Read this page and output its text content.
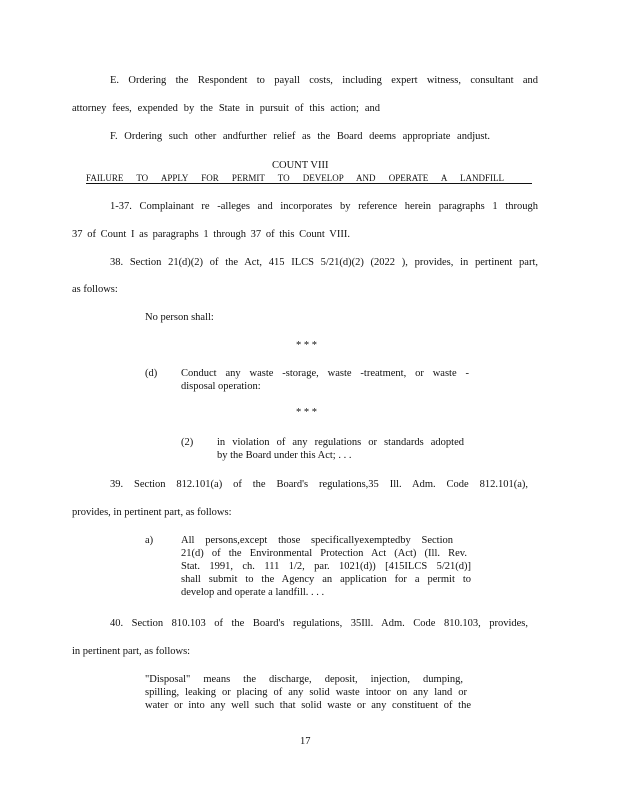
E. Ordering the Respondent to payall costs, including expert witness, consultant and
attorney fees, expended by the State in pursuit of this action; and
F. Ordering such other andfurther relief as the Board deems appropriate andjust.
COUNT VIII
FAILURE TO APPLY FOR PERMIT TO DEVELOP AND OPERATE A LANDFILL
1-37. Complainant re -alleges and incorporates by reference herein paragraphs 1 through
37 of Count I as paragraphs 1 through 37 of this Count VIII.
38. Section 21(d)(2) of the Act, 415 ILCS 5/21(d)(2) (2022 ), provides, in pertinent part,
as follows:
No person shall:
* * *
(d) Conduct any waste -storage, waste -treatment, or waste -
disposal operation:
* * *
(2) in violation of any regulations or standards adopted
by the Board under this Act; . . .
39. Section 812.101(a) of the Board's regulations,35 Ill. Adm. Code 812.101(a),
provides, in pertinent part, as follows:
a)	All persons,except those specificallyexemptedby Section
21(d) of the Environmental Protection Act (Act) (Ill. Rev.
Stat. 1991, ch. 111 1/2, par. 1021(d)) [415ILCS 5/21(d)]
shall submit to the Agency an application for a permit to
develop and operate a landfill. . . .
40. Section 810.103 of the Board's regulations, 35Ill. Adm. Code 810.103, provides,
in pertinent part, as follows:
"Disposal" means the discharge, deposit, injection, dumping,
spilling, leaking or placing of any solid waste intoor on any land or
water or into any well such that solid waste or any constituent of the
17
